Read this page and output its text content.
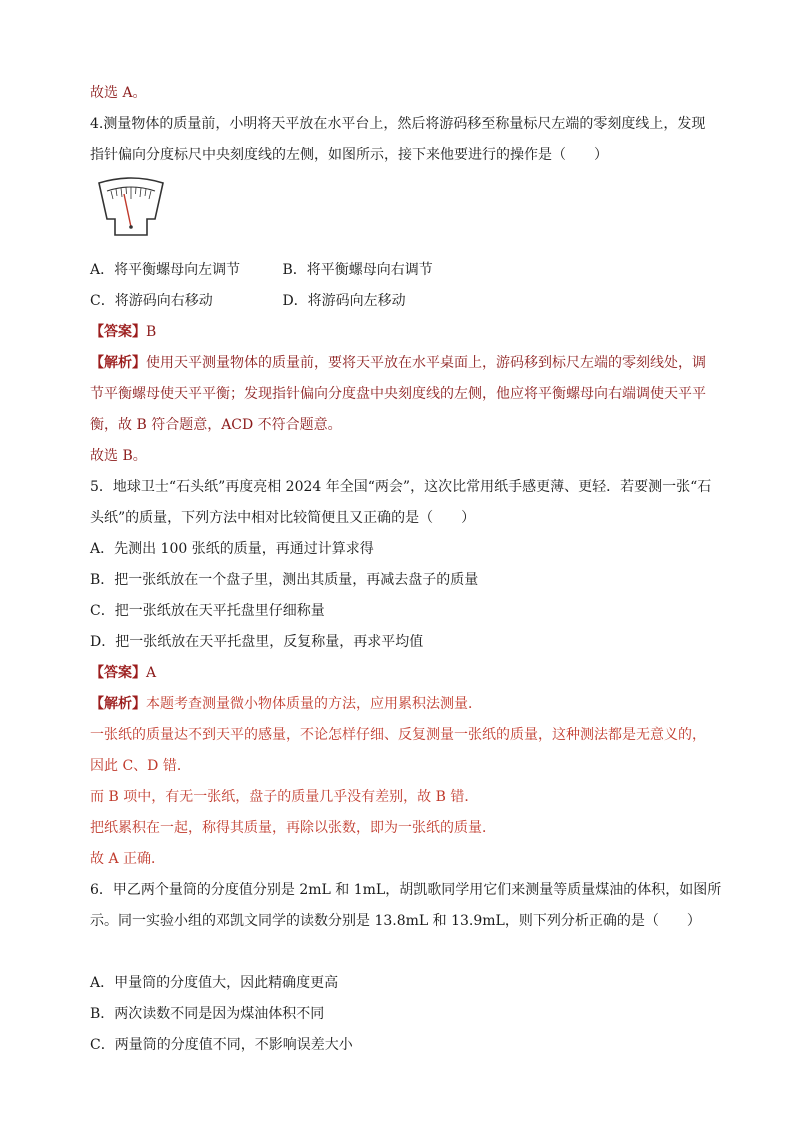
故选 A。
4.测量物体的质量前，小明将天平放在水平台上，然后将游码移至称量标尺左端的零刻度线上，发现
指针偏向分度标尺中央刻度线的左侧，如图所示，接下来他要进行的操作是（　　）
A．将平衡螺母向左调节	B．将平衡螺母向右调节
C．将游码向右移动	D．将游码向左移动
【答案】B
【解析】使用天平测量物体的质量前，要将天平放在水平桌面上，游码移到标尺左端的零刻线处，调
节平衡螺母使天平平衡；发现指针偏向分度盘中央刻度线的左侧，他应将平衡螺母向右端调使天平平
衡，故 B 符合题意，ACD 不符合题意。
故选 B。
5．地球卫士“石头纸”再度亮相 2024 年全国“两会”，这次比常用纸手感更薄、更轻．若要测一张“石
头纸”的质量，下列方法中相对比较简便且又正确的是（　　）
A．先测出 100 张纸的质量，再通过计算求得
B．把一张纸放在一个盘子里，测出其质量，再减去盘子的质量
C．把一张纸放在天平托盘里仔细称量
D．把一张纸放在天平托盘里，反复称量，再求平均值
【答案】A
【解析】本题考查测量微小物体质量的方法，应用累积法测量．
一张纸的质量达不到天平的感量，不论怎样仔细、反复测量一张纸的质量，这种测法都是无意义的，
因此 C、D 错．
而 B 项中，有无一张纸，盘子的质量几乎没有差别，故 B 错．
把纸累积在一起，称得其质量，再除以张数，即为一张纸的质量．
故 A 正确．
6．甲乙两个量筒的分度值分别是 2mL 和 1mL，胡凯歌同学用它们来测量等质量煤油的体积，如图所
示。同一实验小组的邓凯文同学的读数分别是 13.8mL 和 13.9mL，则下列分析正确的是（　　）
A．甲量筒的分度值大，因此精确度更高
B．两次读数不同是因为煤油体积不同
C．两量筒的分度值不同，不影响误差大小
